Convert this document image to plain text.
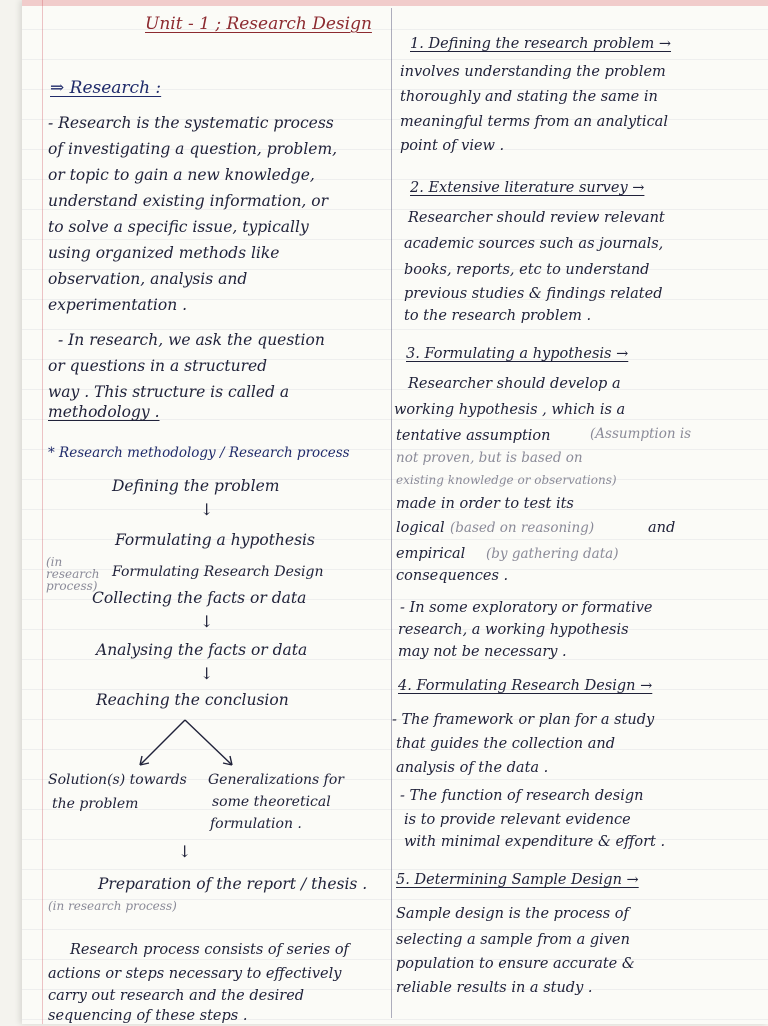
Unit - 1 ; Research Design
⇒ Research :
- Research is the systematic process
of investigating a question, problem,
or topic to gain a new knowledge,
understand existing information, or
to solve a specific issue, typically
using organized methods like
observation, analysis and
experimentation .
- In research, we ask the question
or questions in a structured
way . This structure is called a
methodology .
* Research methodology / Research process
Defining the problem
↓
Formulating a hypothesis
(in research process)
Formulating Research Design
Collecting the facts or data
↓
Analysing the facts or data
↓
Reaching the conclusion
Solution(s) towards
the problem
Generalizations for
some theoretical
formulation .
↓
Preparation of the report / thesis .
(in research process)
Research process consists of series of
actions or steps necessary to effectively
carry out research and the desired
sequencing of these steps .
1. Defining the research problem →
involves understanding the problem
thoroughly and stating the same in
meaningful terms from an analytical
point of view .
2. Extensive literature survey →
Researcher should review relevant
academic sources such as journals,
books, reports, etc to understand
previous studies & findings related
to the research problem .
3. Formulating a hypothesis →
Researcher should develop a
working hypothesis , which is a
tentative assumption	(Assumption is
not proven, but is based on
existing knowledge or observations)
made in order to test its
logical (based on reasoning)	and
empirical (by gathering data)
consequences .
- In some exploratory or formative
research, a working hypothesis
may not be necessary .
4. Formulating Research Design →
- The framework or plan for a study
that guides the collection and
analysis of the data .
- The function of research design
is to provide relevant evidence
with minimal expenditure & effort .
5. Determining Sample Design →
Sample design is the process of
selecting a sample from a given
population to ensure accurate &
reliable results in a study .
